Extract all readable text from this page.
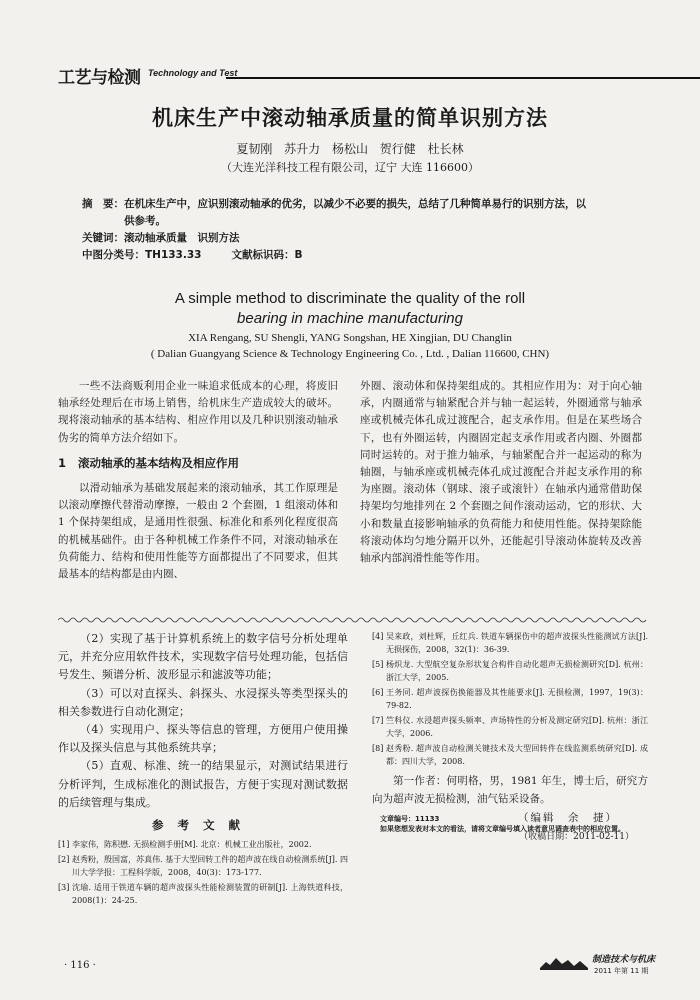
工艺与检测 Technology and Test
机床生产中滚动轴承质量的简单识别方法
夏韧刚 苏升力 杨松山 贺行健 杜长林
（大连光洋科技工程有限公司，辽宁 大连 116600）
摘　要：在机床生产中，应识别滚动轴承的优劣，以减少不必要的损失，总结了几种简单易行的识别方法，以
供参考。
关键词：滚动轴承质量　识别方法
中图分类号：TH133.33	文献标识码：B
A simple method to discriminate the quality of the roll
bearing in machine manufacturing
XIA Rengang, SU Shengli, YANG Songshan, HE Xingjian, DU Changlin
( Dalian Guangyang Science & Technology Engineering Co. , Ltd. , Dalian 116600, CHN)

一些不法商贩利用企业一味追求低成本的心理，将废旧轴承经处理后在市场上销售，给机床生产造成较大的破坏。现将滚动轴承的基本结构、相应作用以及几种识别滚动轴承伪劣的简单方法介绍如下。

1 滚动轴承的基本结构及相应作用

以滑动轴承为基础发展起来的滚动轴承，其工作原理是以滚动摩擦代替滑动摩擦，一般由 2 个套圈，1 组滚动体和 1 个保持架组成，是通用性很强、标准化和系列化程度很高的机械基础件。由于各种机械工作条件不同，对滚动轴承在负荷能力、结构和使用性能等方面都提出了不同要求，但其最基本的结构都是由内圈、

外圈、滚动体和保持架组成的。其相应作用为：对于向心轴承，内圈通常与轴紧配合并与轴一起运转，外圈通常与轴承座或机械壳体孔成过渡配合，起支承作用。但是在某些场合下，也有外圈运转，内圈固定起支承作用或者内圈、外圈都同时运转的。对于推力轴承，与轴紧配合并一起运动的称为轴圈，与轴承座或机械壳体孔成过渡配合并起支承作用的称为座圈。滚动体（钢球、滚子或滚针）在轴承内通常借助保持架均匀地排列在 2 个套圈之间作滚动运动，它的形状、大小和数量直接影响轴承的负荷能力和使用性能。保持架除能将滚动体均匀地分隔开以外，还能起引导滚动体旋转及改善轴承内部润滑性能等作用。

（2）实现了基于计算机系统上的数字信号分析处理单元，并充分应用软件技术，实现数字信号处理功能，包括信号发生、频谱分析、波形显示和滤波等功能；

（3）可以对直探头、斜探头、水浸探头等类型探头的相关参数进行自动化测定；

（4）实现用户、探头等信息的管理，方便用户使用操作以及探头信息与其他系统共享；

（5）直观、标准、统一的结果显示，对测试结果进行分析评判，生成标准化的测试报告，方便于实现对测试数据的后续管理与集成。

参考文献
[1] 李家伟，陈积懋. 无损检测手册[M]. 北京：机械工业出版社，2002.
[2] 赵秀粉，殷国富，苏真伟. 基于大型回转工件的超声波在线自动检测系统[J]. 四川大学学报：工程科学版，2008，40(3)：173-177.
[3] 沈瑜. 适用于铁道车辆的超声波探头性能检测装置的研制[J]. 上海铁道科技，2008(1)：24-25.
[4] 吴来政，刘杜辉，丘红兵. 铁道车辆探伤中的超声波探头性能测试方法[J]. 无损探伤，2008，32(1)：36-39.
[5] 杨炽龙. 大型航空复杂形状复合构件自动化超声无损检测研究[D]. 杭州：浙江大学，2005.
[6] 王务同. 超声波探伤换能器及其性能要求[J]. 无损检测，1997，19(3)：79-82.
[7] 竺科仪. 水浸超声探头频率、声场特性的分析及测定研究[D]. 杭州：浙江大学，2006.
[8] 赵秀粉. 超声波自动检测关键技术及大型回转件在线监测系统研究[D]. 成都：四川大学，2008.

第一作者：何明格，男，1981 年生，博士后，研究方向为超声波无损检测，油气钻采设备。

（编辑　余　捷）
（收稿日期：2011-02-11）
文章编号：11133
如果您想发表对本文的看法，请将文章编号填入读者意见调查表中的相应位置。
· 116 ·	制造技术与机床
2011 年第 11 期
